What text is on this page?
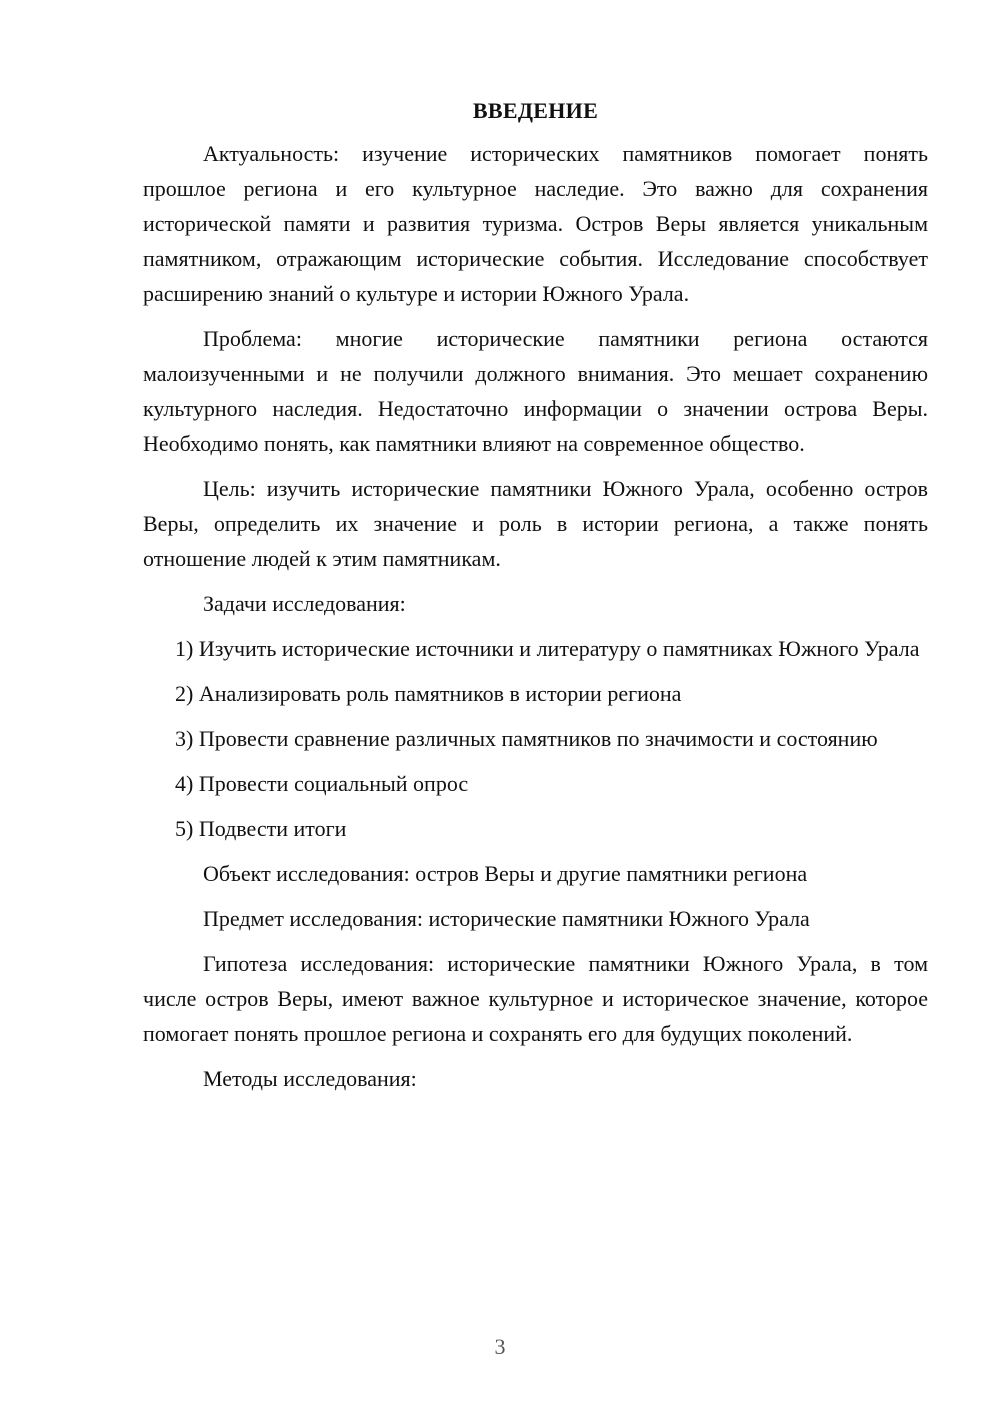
ВВЕДЕНИЕ

Актуальность: изучение исторических памятников помогает понять прошлое региона и его культурное наследие. Это важно для сохранения исторической памяти и развития туризма. Остров Веры является уникальным памятником, отражающим исторические события. Исследование способствует расширению знаний о культуре и истории Южного Урала.

Проблема: многие исторические памятники региона остаются малоизученными и не получили должного внимания. Это мешает сохранению культурного наследия. Недостаточно информации о значении острова Веры. Необходимо понять, как памятники влияют на современное общество.

Цель: изучить исторические памятники Южного Урала, особенно остров Веры, определить их значение и роль в истории региона, а также понять отношение людей к этим памятникам.

Задачи исследования:

1) Изучить исторические источники и литературу о памятниках Южного Урала

2) Анализировать роль памятников в истории региона

3) Провести сравнение различных памятников по значимости и состоянию

4) Провести социальный опрос

5) Подвести итоги

Объект исследования: остров Веры и другие памятники региона

Предмет исследования: исторические памятники Южного Урала

Гипотеза исследования: исторические памятники Южного Урала, в том числе остров Веры, имеют важное культурное и историческое значение, которое помогает понять прошлое региона и сохранять его для будущих поколений.

Методы исследования:

3
